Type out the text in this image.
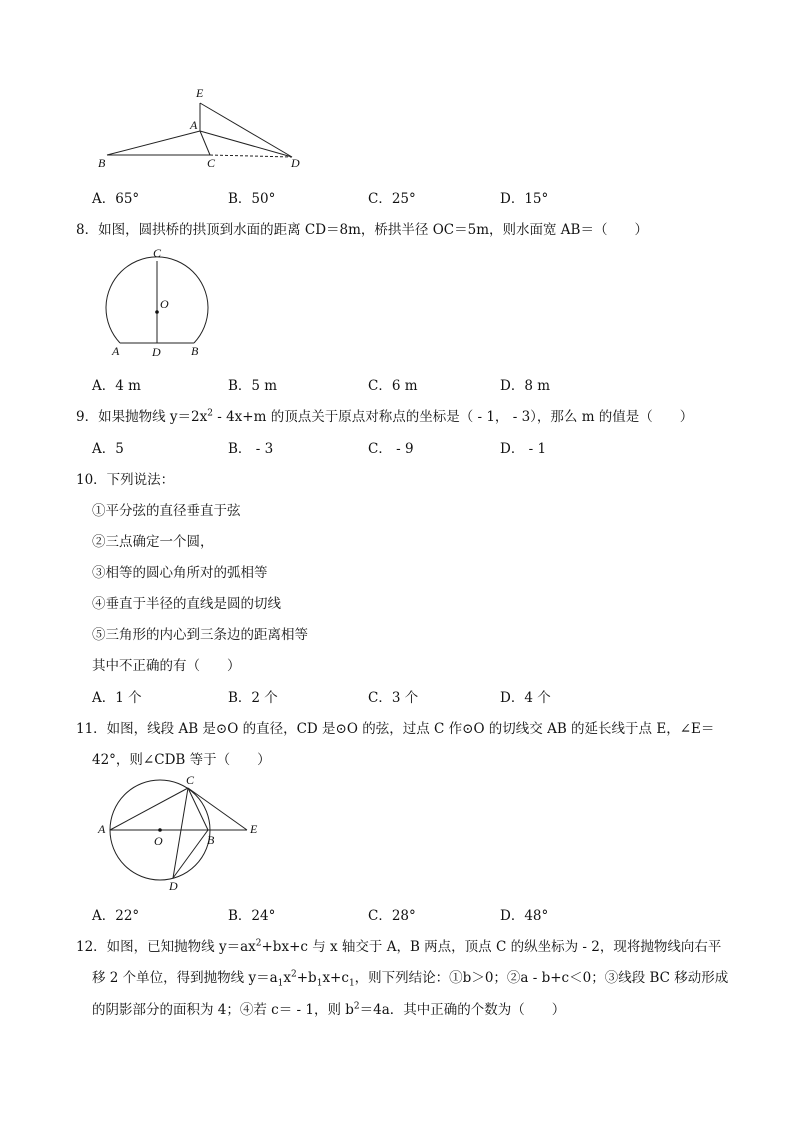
E
A
B	C	D
A．65°	B．50°	C．25°	D．15°
8．如图，圆拱桥的拱顶到水面的距离 CD＝8m，桥拱半径 OC＝5m，则水面宽 AB＝（　　）
C
O
A	D	B
A．4 m	B．5 m	C．6 m	D．8 m
9．如果抛物线 $y=2x^2 - 4x+m$ 的顶点关于原点对称点的坐标是（ - 1， - 3），那么 m 的值是（　　）
A．5	B． - 3	C． - 9	D． - 1
10．下列说法：
①平分弦的直径垂直于弦
②三点确定一个圆，
③相等的圆心角所对的弧相等
④垂直于半径的直线是圆的切线
⑤三角形的内心到三条边的距离相等
其中不正确的有（　　）
A．1 个	B．2 个	C．3 个	D．4 个
11．如图，线段 AB 是⊙O 的直径，CD 是⊙O 的弦，过点 C 作⊙O 的切线交 AB 的延长线于点 E，∠E＝
42°，则∠CDB 等于（　　）
C
A
O	B
E
D
A．22°	B．24°	C．28°	D．48°
12．如图，已知抛物线 $y=ax^2+bx+c$ 与 x 轴交于 A，B 两点，顶点 C 的纵坐标为 - 2，现将抛物线向右平
移 2 个单位，得到抛物线 $y=a_1x^2+b_1x+c_1$，则下列结论：①b＞0；②a - b+c＜0；③线段 BC 移动形成
的阴影部分的面积为 4；④若 c＝ - 1，则 $b^2=4a$．其中正确的个数为（　　）
